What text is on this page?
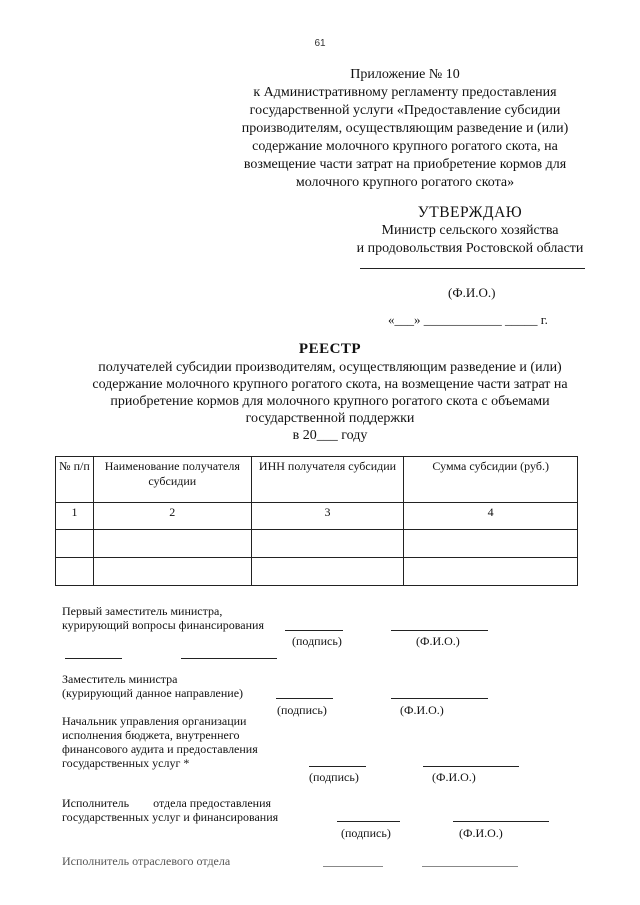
61
Приложение № 10
к Административному регламенту предоставления
государственной услуги «Предоставление субсидии
производителям, осуществляющим разведение и (или)
содержание молочного крупного рогатого скота, на
возмещение части затрат на приобретение кормов для
молочного крупного рогатого скота»
УТВЕРЖДАЮ
Министр сельского хозяйства
и продовольствия Ростовской области
(Ф.И.О.)
«___» ____________ _____ г.
РЕЕСТР
получателей субсидии производителям, осуществляющим разведение и (или)
содержание молочного крупного рогатого скота, на возмещение части затрат на
приобретение кормов для молочного крупного рогатого скота с объемами
государственной поддержки
в 20___ году
№ п/п	Наименование получателя субсидии	ИНН получателя субсидии	Сумма субсидии (руб.)
1	2	3	4

Первый заместитель министра,
курирующий вопросы финансирования
(подпись)	(Ф.И.О.)
Заместитель министра
(курирующий данное направление)
(подпись)	(Ф.И.О.)
Начальник управления организации
исполнения бюджета, внутреннего
финансового аудита и предоставления
государственных услуг *
(подпись)	(Ф.И.О.)
Исполнитель        отдела предоставления
государственных услуг и финансирования
(подпись)	(Ф.И.О.)
Исполнитель отраслевого отдела
